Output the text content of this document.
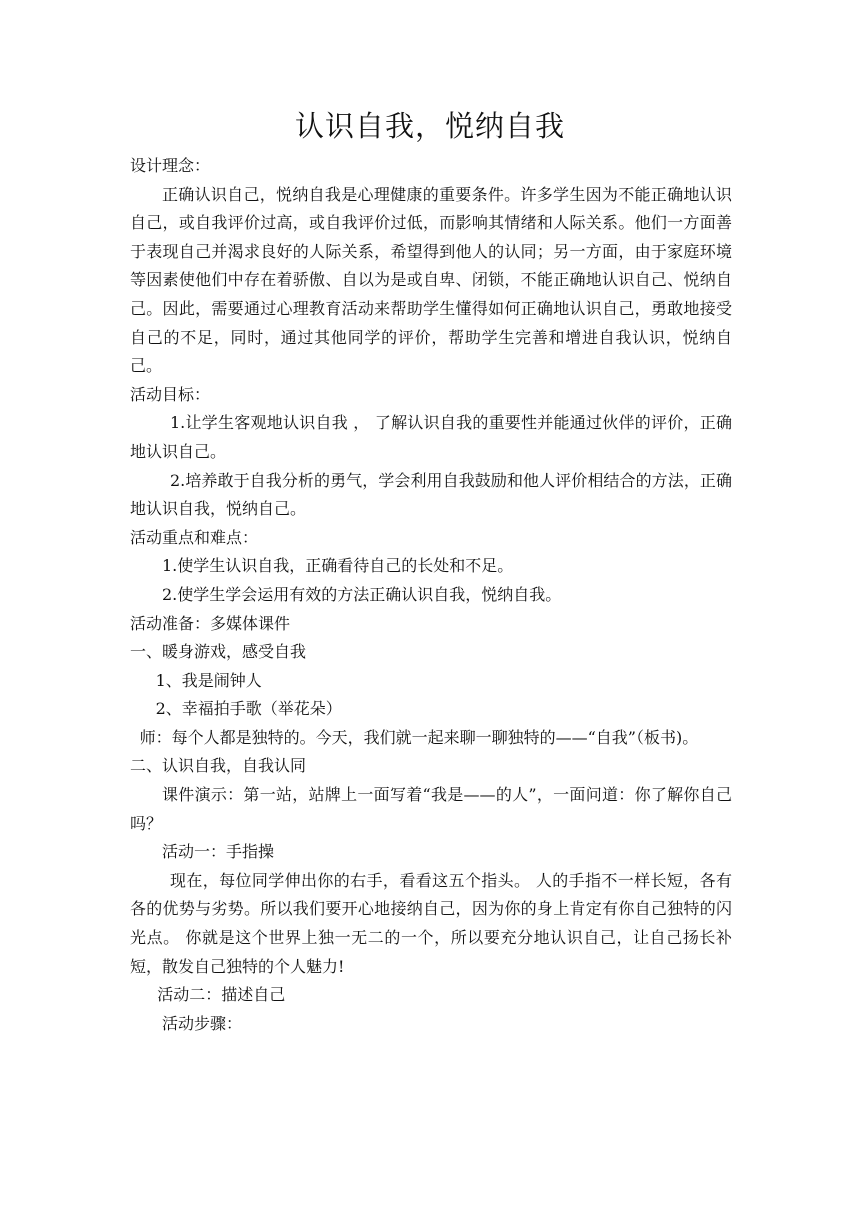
认识自我，悦纳自我

设计理念：

正确认识自己，悦纳自我是心理健康的重要条件。许多学生因为不能正确地认识自己，或自我评价过高，或自我评价过低，而影响其情绪和人际关系。他们一方面善于表现自己并渴求良好的人际关系，希望得到他人的认同；另一方面，由于家庭环境等因素使他们中存在着骄傲、自以为是或自卑、闭锁，不能正确地认识自己、悦纳自己。因此，需要通过心理教育活动来帮助学生懂得如何正确地认识自己，勇敢地接受自己的不足，同时，通过其他同学的评价，帮助学生完善和增进自我认识，悦纳自己。

活动目标：

1.让学生客观地认识自我 ， 了解认识自我的重要性并能通过伙伴的评价，正确地认识自己。

2.培养敢于自我分析的勇气，学会利用自我鼓励和他人评价相结合的方法，正确地认识自我，悦纳自己。

活动重点和难点：

1.使学生认识自我，正确看待自己的长处和不足。

2.使学生学会运用有效的方法正确认识自我，悦纳自我。

活动准备：多媒体课件

一、暖身游戏，感受自我

1、我是闹钟人

2、幸福拍手歌（举花朵）

师：每个人都是独特的。今天，我们就一起来聊一聊独特的——“自我”（板书)。

二、认识自我，自我认同

课件演示：第一站，站牌上一面写着“我是——的人”，一面问道：你了解你自己吗？

活动一：手指操

现在，每位同学伸出你的右手，看看这五个指头。 人的手指不一样长短，各有各的优势与劣势。所以我们要开心地接纳自己，因为你的身上肯定有你自己独特的闪光点。 你就是这个世界上独一无二的一个，所以要充分地认识自己，让自己扬长补短，散发自己独特的个人魅力!

活动二：描述自己

活动步骤：
